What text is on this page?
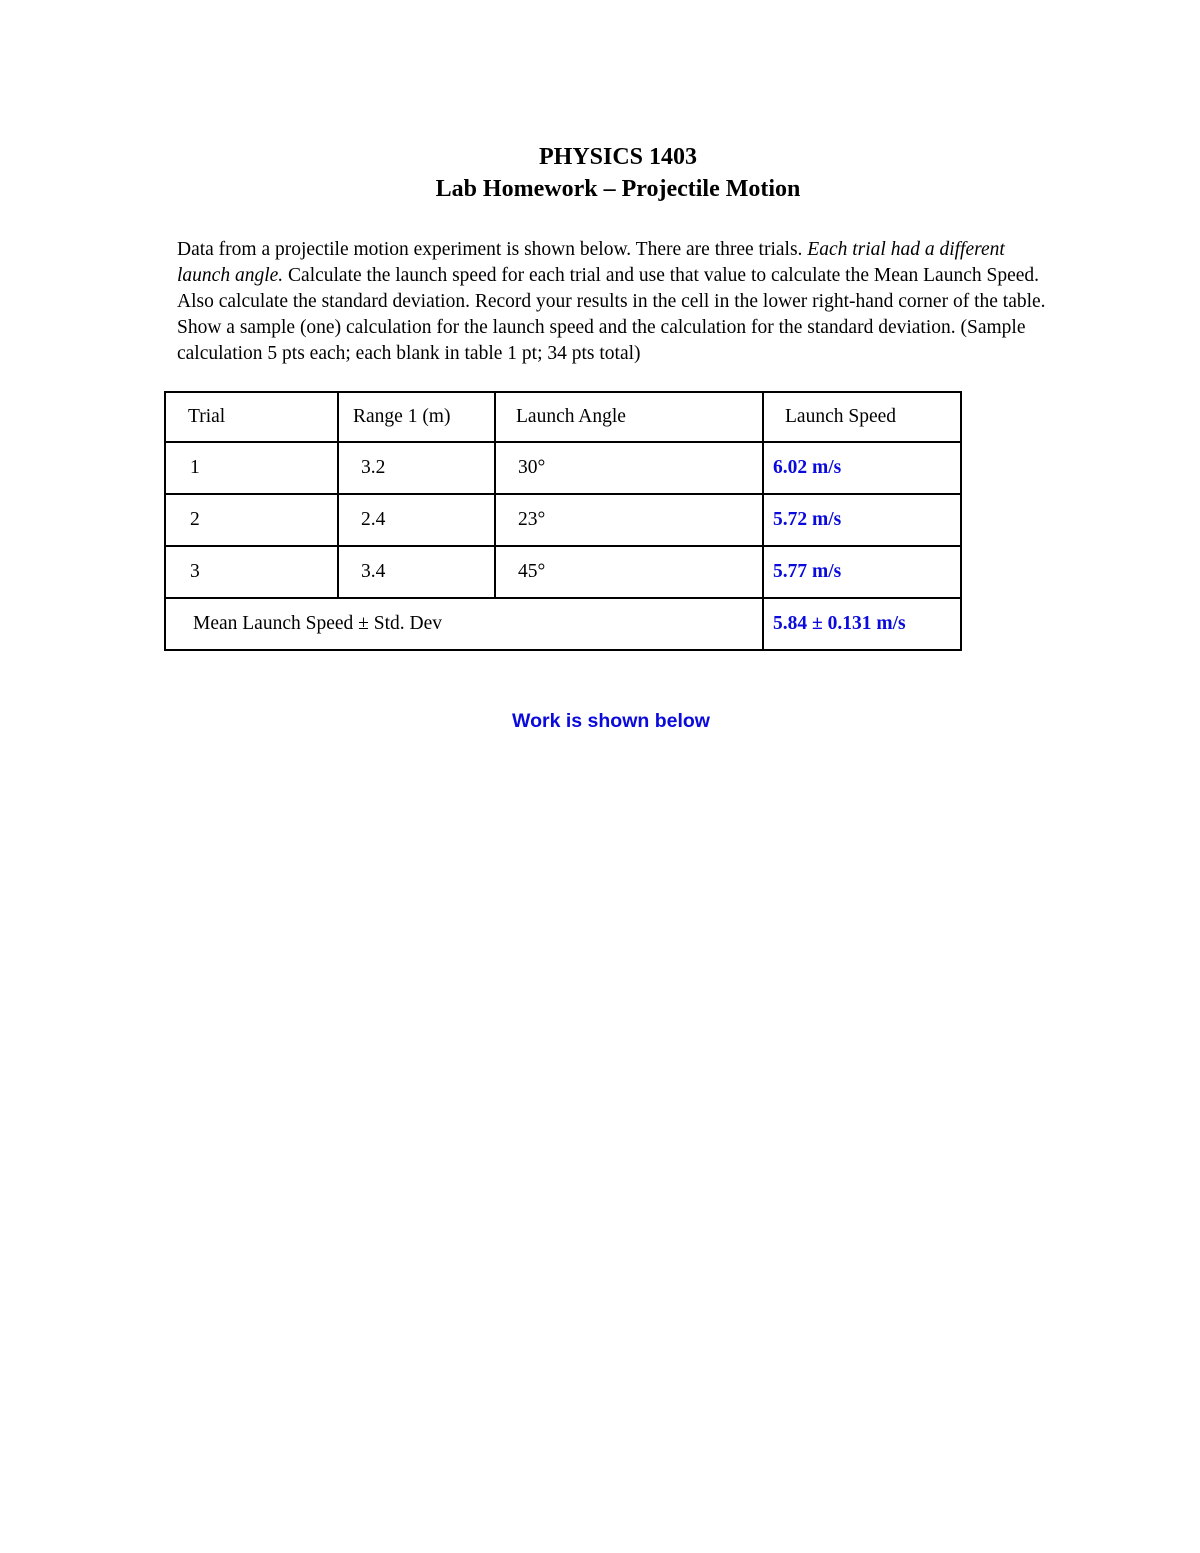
PHYSICS 1403
Lab Homework – Projectile Motion
Data from a projectile motion experiment is shown below. There are three trials. Each trial had a different launch angle. Calculate the launch speed for each trial and use that value to calculate the Mean Launch Speed. Also calculate the standard deviation. Record your results in the cell in the lower right-hand corner of the table. Show a sample (one) calculation for the launch speed and the calculation for the standard deviation. (Sample calculation 5 pts each; each blank in table 1 pt; 34 pts total)
Trial	Range 1 (m)	Launch Angle	Launch Speed
1	3.2	30°	6.02 m/s
2	2.4	23°	5.72 m/s
3	3.4	45°	5.77 m/s
Mean Launch Speed ± Std. Dev			5.84 ± 0.131 m/s
Work is shown below
